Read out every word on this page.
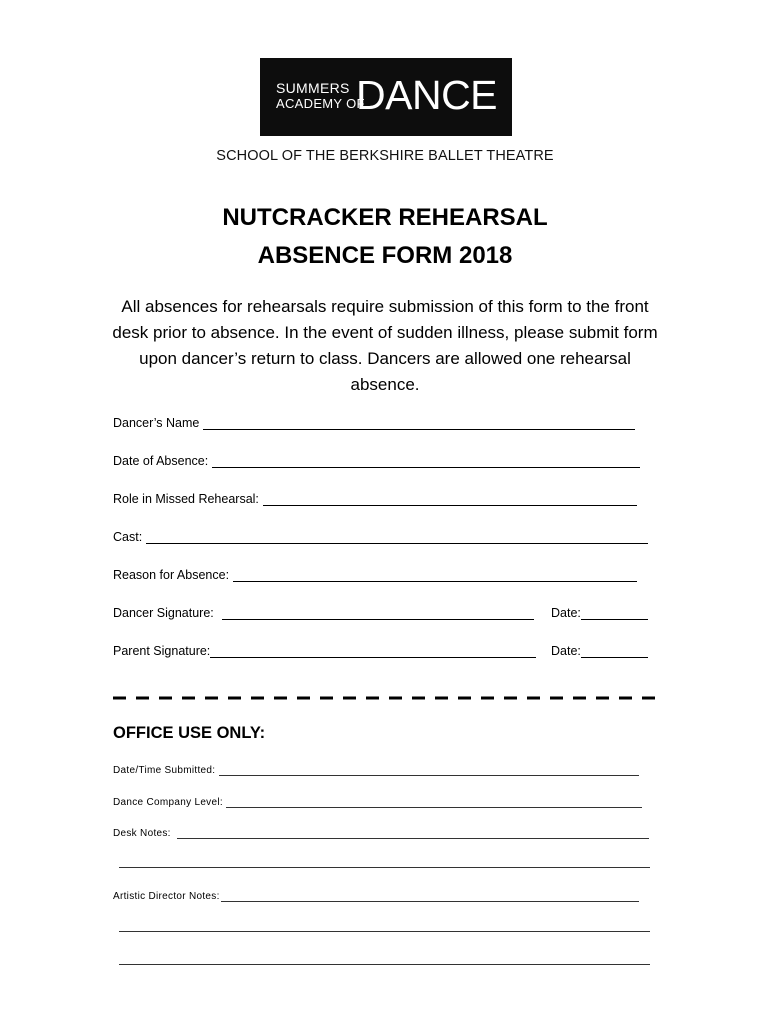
SUMMERS
ACADEMY OF
DANCE
SCHOOL OF THE BERKSHIRE BALLET THEATRE
NUTCRACKER REHEARSAL
ABSENCE FORM 2018
All absences for rehearsals require submission of this form to the front desk prior to absence. In the event of sudden illness, please submit form upon dancer’s return to class. Dancers are allowed one rehearsal absence.
Dancer’s Name
Date of Absence:
Role in Missed Rehearsal:
Cast:
Reason for Absence:
Dancer Signature:	Date:
Parent Signature:	Date:
OFFICE USE ONLY:
Date/Time Submitted:
Dance Company Level:
Desk Notes:
Artistic Director Notes:
